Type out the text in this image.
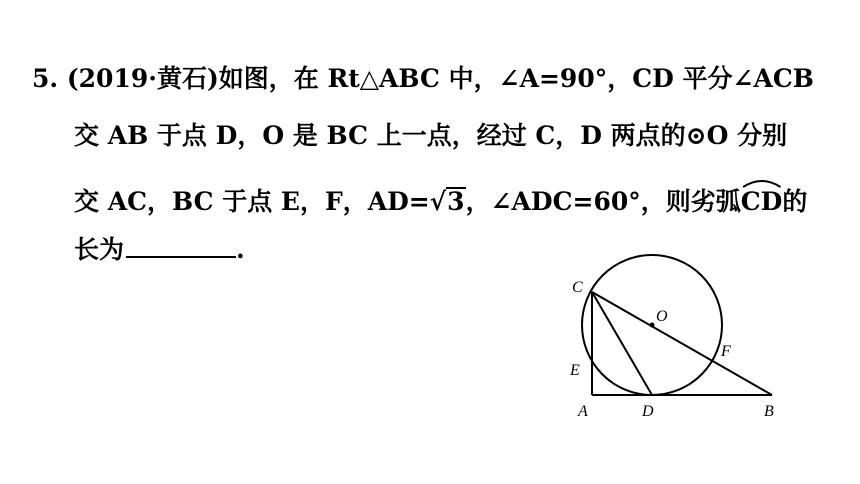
5. (2019·黄石)如图，在 Rt△ABC 中，∠A=90°，CD 平分∠ACB
交 AB 于点 D，O 是 BC 上一点，经过 C，D 两点的⊙O 分别
交 AC，BC 于点 E，F，AD=√3，∠ADC=60°，则劣弧
CD的
长为	.
C
O
F
E
A	D	B
